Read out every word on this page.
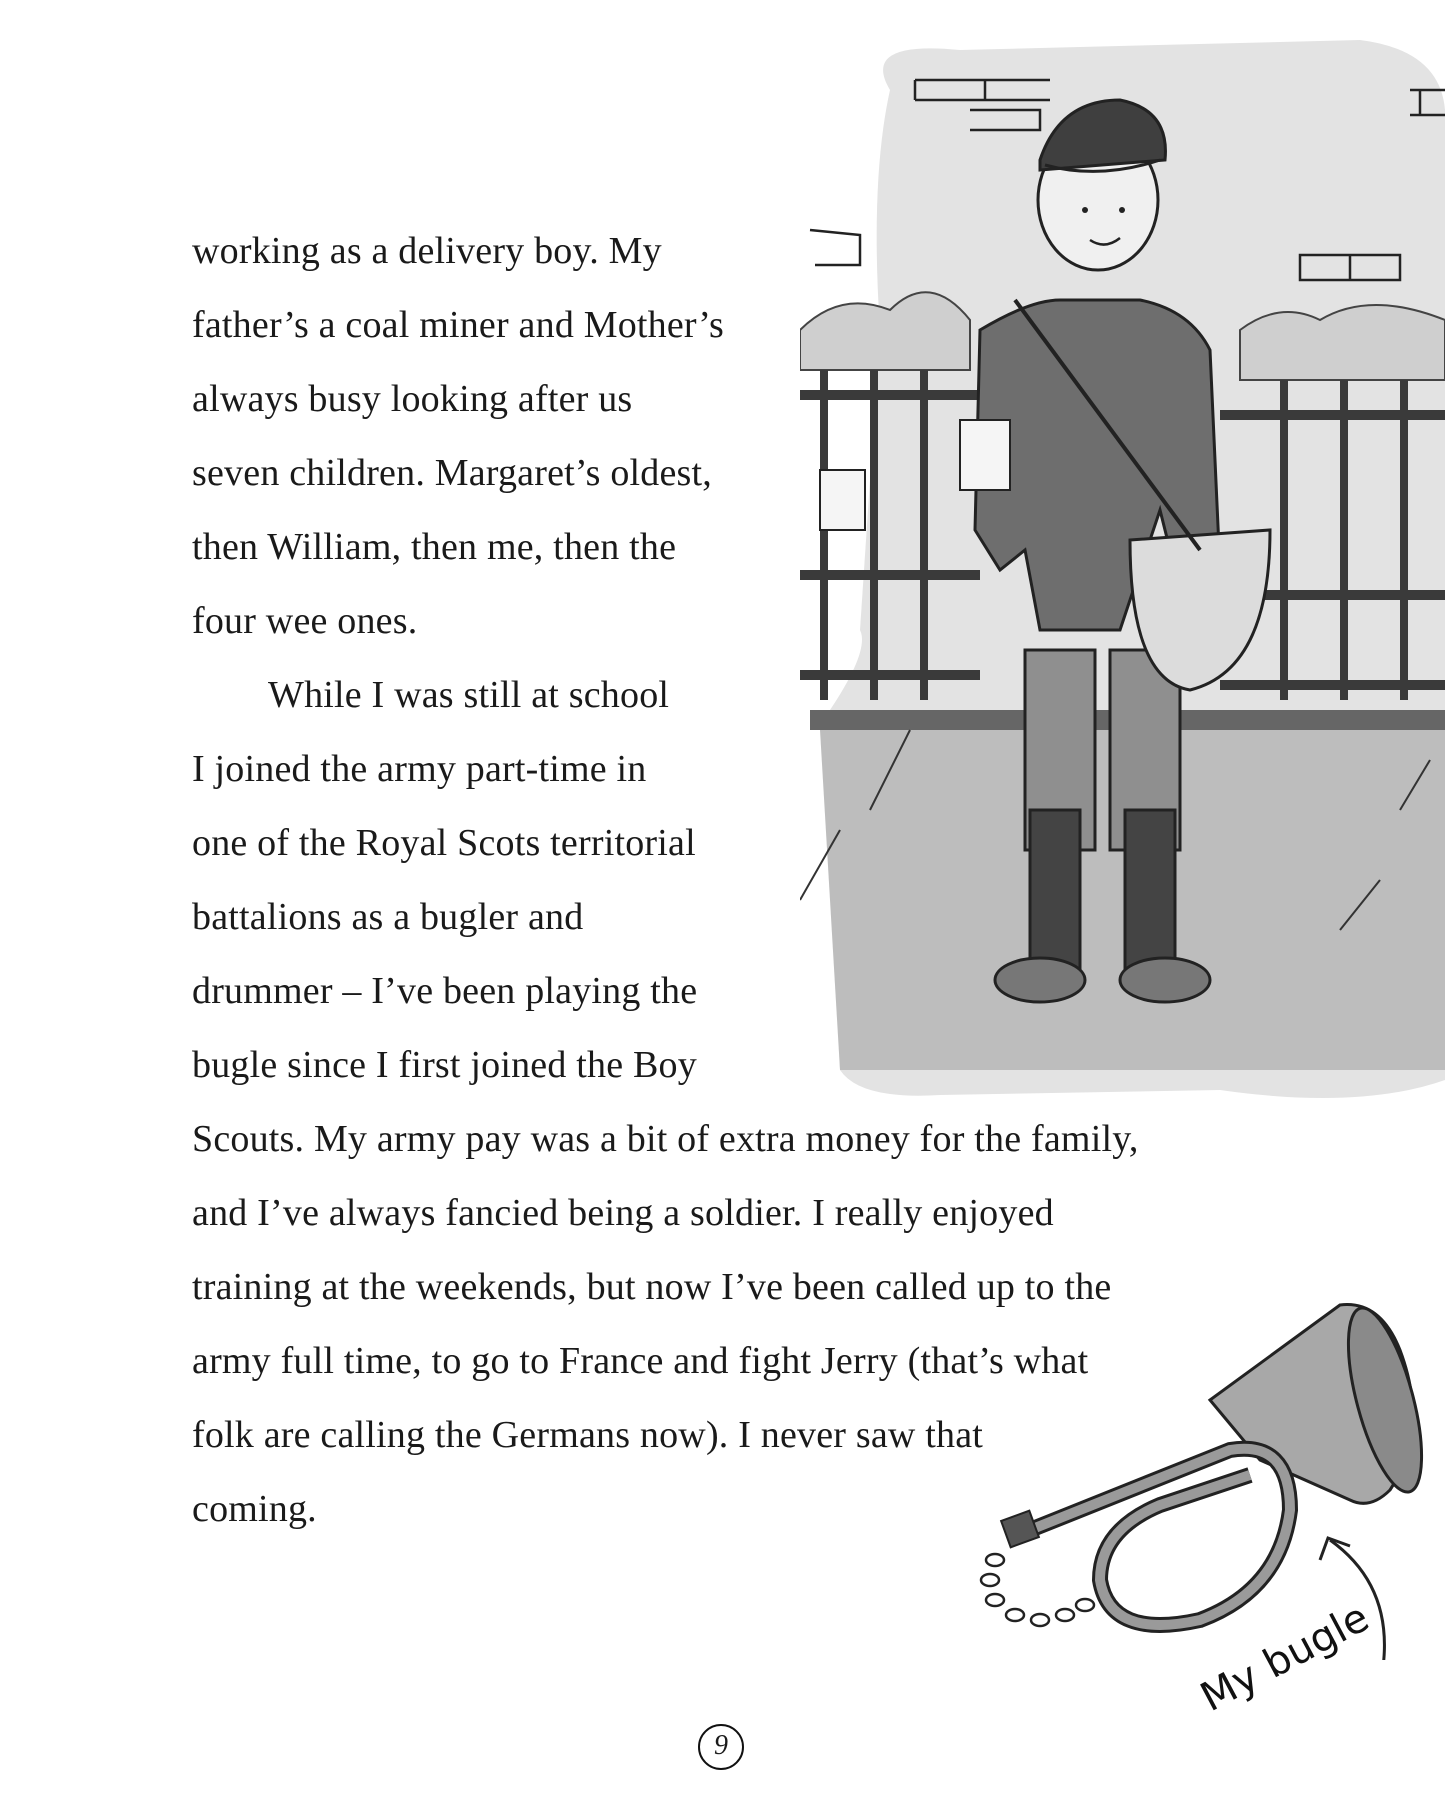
working as a delivery boy. My
father’s a coal miner and Mother’s
always busy looking after us
seven children. Margaret’s oldest,
then William, then me, then the
four wee ones.
While I was still at school
I joined the army part-time in
one of the Royal Scots territorial
battalions as a bugler and
drummer – I’ve been playing the
bugle since I first joined the Boy
Scouts. My army pay was a bit of extra money for the family,
and I’ve always fancied being a soldier. I really enjoyed
training at the weekends, but now I’ve been called up to the
army full time, to go to France and fight Jerry (that’s what
folk are calling the Germans now). I never saw that
coming.
My bugle
9
